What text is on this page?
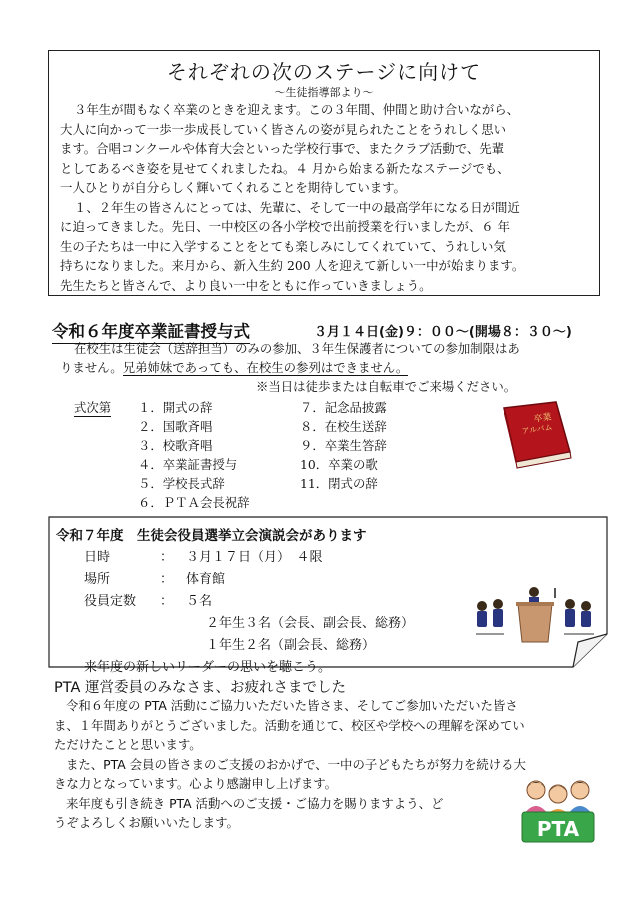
それぞれの次のステージに向けて
～生徒指導部より～
３年生が間もなく卒業のときを迎えます。この３年間、仲間と助け合いながら、
大人に向かって一歩一歩成長していく皆さんの姿が見られたことをうれしく思い
ます。合唱コンクールや体育大会といった学校行事で、またクラブ活動で、先輩
としてあるべき姿を見せてくれましたね。４ 月から始まる新たなステージでも、
一人ひとりが自分らしく輝いてくれることを期待しています。
１、２年生の皆さんにとっては、先輩に、そして一中の最高学年になる日が間近
に迫ってきました。先日、一中校区の各小学校で出前授業を行いましたが、６ 年
生の子たちは一中に入学することをとても楽しみにしてくれていて、うれしい気
持ちになりました。来月から、新入生約 200 人を迎えて新しい一中が始まります。
先生たちと皆さんで、より良い一中をともに作っていきましょう。
令和６年度卒業証書授与式	３月１４日(金)９：００～(開場８：３０～)
在校生は生徒会（送辞担当）のみの参加、３年生保護者についての参加制限はあ
りません。兄弟姉妹であっても、在校生の参列はできません。
※当日は徒歩または自転車でご来場ください。
式次第 １．開式の辞
２．国歌斉唱
３．校歌斉唱
４．卒業証書授与
５．学校長式辞
６．ＰＴＡ会長祝辞
７．記念品披露
８．在校生送辞
９．卒業生答辞
10．卒業の歌
11．閉式の辞
卒業
アルバム
令和７年度　生徒会役員選挙立会演説会があります
日時	： ３月１７日（月）　４限
場所	： 体育館
役員定数 ： ５名
２年生３名（会長、副会長、総務）
１年生２名（副会長、総務）
来年度の新しいリーダーの思いを聴こう。
PTA 運営委員のみなさま、お疲れさまでした
令和６年度の PTA 活動にご協力いただいた皆さま、そしてご参加いただいた皆さ
ま、１年間ありがとうございました。活動を通じて、校区や学校への理解を深めてい
ただけたことと思います。
また、PTA 会員の皆さまのご支援のおかげで、一中の子どもたちが努力を続ける大
きな力となっています。心より感謝申し上げます。
来年度も引き続き PTA 活動へのご支援・ご協力を賜りますよう、ど
うぞよろしくお願いいたします。	PTA
